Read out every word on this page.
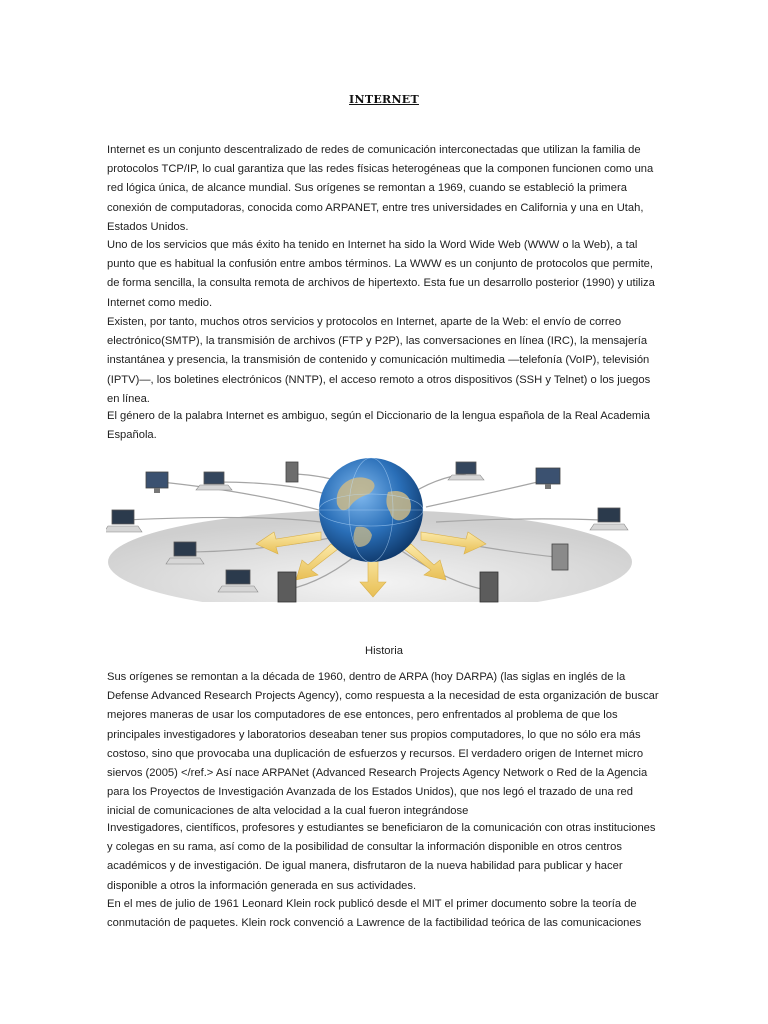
INTERNET

Internet es un conjunto descentralizado de redes de comunicación interconectadas que utilizan la familia de protocolos TCP/IP, lo cual garantiza que las redes físicas heterogéneas que la componen funcionen como una red lógica única, de alcance mundial. Sus orígenes se remontan a 1969, cuando se estableció la primera conexión de computadoras, conocida como ARPANET, entre tres universidades en California y una en Utah, Estados Unidos.

Uno de los servicios que más éxito ha tenido en Internet ha sido la Word Wide Web (WWW o la Web), a tal punto que es habitual la confusión entre ambos términos. La WWW es un conjunto de protocolos que permite, de forma sencilla, la consulta remota de archivos de hipertexto. Esta fue un desarrollo posterior (1990) y utiliza Internet como medio.

Existen, por tanto, muchos otros servicios y protocolos en Internet, aparte de la Web: el envío de correo electrónico(SMTP), la transmisión de archivos (FTP y P2P), las conversaciones en línea (IRC), la mensajería instantánea y presencia, la transmisión de contenido y comunicación multimedia —telefonía (VoIP), televisión (IPTV)—, los boletines electrónicos (NNTP), el acceso remoto a otros dispositivos (SSH y Telnet) o los juegos en línea.

El género de la palabra Internet es ambiguo, según el Diccionario de la lengua española de la Real Academia Española.

Historia

Sus orígenes se remontan a la década de 1960, dentro de ARPA (hoy DARPA) (las siglas en inglés de la Defense Advanced Research Projects Agency), como respuesta a la necesidad de esta organización de buscar mejores maneras de usar los computadores de ese entonces, pero enfrentados al problema de que los principales investigadores y laboratorios deseaban tener sus propios computadores, lo que no sólo era más costoso, sino que provocaba una duplicación de esfuerzos y recursos. El verdadero origen de Internet micro siervos (2005) </ref.> Así nace ARPANet (Advanced Research Projects Agency Network o Red de la Agencia para los Proyectos de Investigación Avanzada de los Estados Unidos), que nos legó el trazado de una red inicial de comunicaciones de alta velocidad a la cual fueron integrándose

Investigadores, científicos, profesores y estudiantes se beneficiaron de la comunicación con otras instituciones y colegas en su rama, así como de la posibilidad de consultar la información disponible en otros centros académicos y de investigación. De igual manera, disfrutaron de la nueva habilidad para publicar y hacer disponible a otros la información generada en sus actividades.

En el mes de julio de 1961 Leonard Klein rock publicó desde el MIT el primer documento sobre la teoría de conmutación de paquetes. Klein rock convenció a Lawrence de la factibilidad teórica de las comunicaciones
